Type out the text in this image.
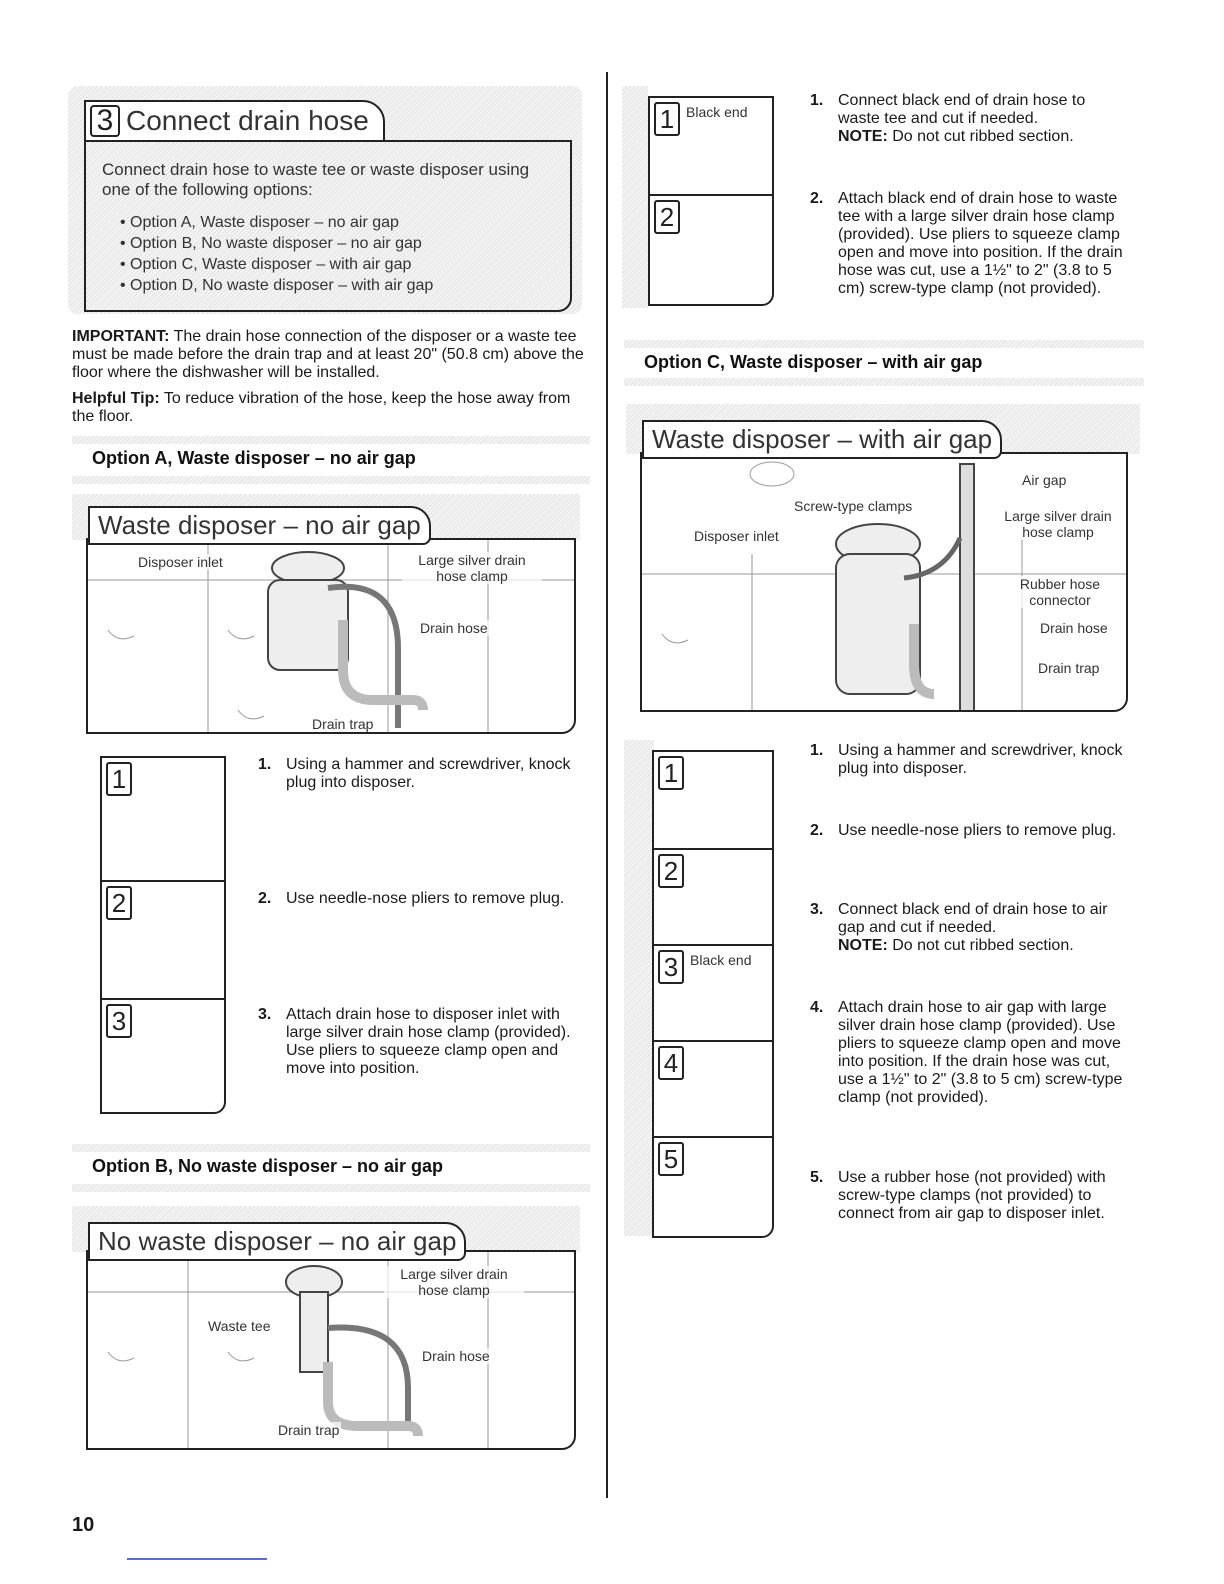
3 Connect drain hose
Connect drain hose to waste tee or waste disposer using one of the following options:
• Option A, Waste disposer – no air gap
• Option B, No waste disposer – no air gap
• Option C, Waste disposer – with air gap
• Option D, No waste disposer – with air gap
IMPORTANT: The drain hose connection of the disposer or a waste tee must be made before the drain trap and at least 20" (50.8 cm) above the floor where the dishwasher will be installed.
Helpful Tip: To reduce vibration of the hose, keep the hose away from the floor.
Option A, Waste disposer – no air gap
Disposer inlet	Large silver drain hose clamp
Drain hose
Drain trap
Waste disposer – no air gap
1
2
3
1. Using a hammer and screwdriver, knock plug into disposer.
2. Use needle-nose pliers to remove plug.
3. Attach drain hose to disposer inlet with large silver drain hose clamp (provided). Use pliers to squeeze clamp open and move into position.
Option B, No waste disposer – no air gap
Large silver drain hose clamp
Waste tee
Drain hose
Drain trap
No waste disposer – no air gap
10
1 Black end
2
1. Connect black end of drain hose to waste tee and cut if needed.
NOTE: Do not cut ribbed section.
2. Attach black end of drain hose to waste tee with a large silver drain hose clamp (provided). Use pliers to squeeze clamp open and move into position. If the drain hose was cut, use a 1½" to 2" (3.8 to 5 cm) screw-type clamp (not provided).
Option C, Waste disposer – with air gap
Air gap
Screw-type clamps
Large silver drain hose clamp
Disposer inlet
Rubber hose connector
Drain hose
Drain trap
Waste disposer – with air gap
1
2
3 Black end
4
5
1. Using a hammer and screwdriver, knock plug into disposer.
2. Use needle-nose pliers to remove plug.
3. Connect black end of drain hose to air gap and cut if needed.
NOTE: Do not cut ribbed section.
4. Attach drain hose to air gap with large silver drain hose clamp (provided). Use pliers to squeeze clamp open and move into position. If the drain hose was cut, use a 1½" to 2" (3.8 to 5 cm) screw-type clamp (not provided).
5. Use a rubber hose (not provided) with screw-type clamps (not provided) to connect from air gap to disposer inlet.
